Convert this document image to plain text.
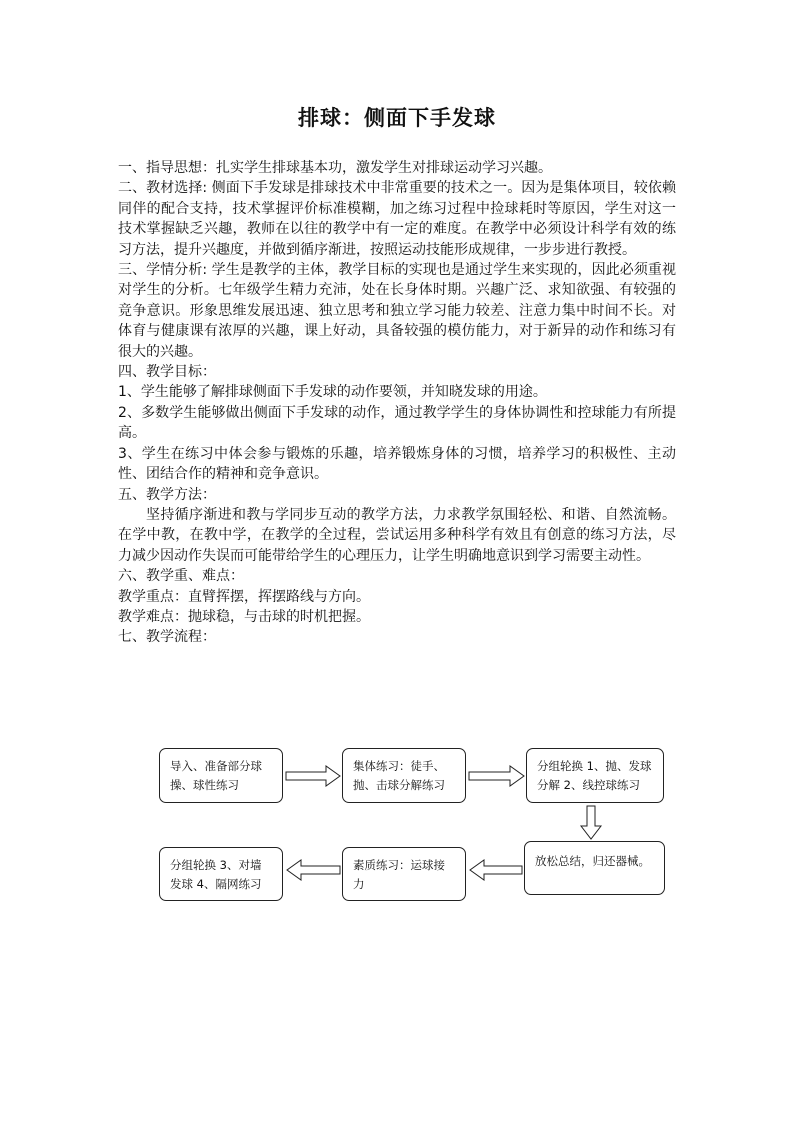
排球：侧面下手发球

一、指导思想：扎实学生排球基本功，激发学生对排球运动学习兴趣。

二、教材选择: 侧面下手发球是排球技术中非常重要的技术之一。因为是集体项目，较依赖同伴的配合支持，技术掌握评价标准模糊，加之练习过程中捡球耗时等原因，学生对这一技术掌握缺乏兴趣，教师在以往的教学中有一定的难度。在教学中必须设计科学有效的练习方法，提升兴趣度，并做到循序渐进，按照运动技能形成规律，一步步进行教授。

三、学情分析: 学生是教学的主体，教学目标的实现也是通过学生来实现的，因此必须重视对学生的分析。七年级学生精力充沛，处在长身体时期。兴趣广泛、求知欲强、有较强的竞争意识。形象思维发展迅速、独立思考和独立学习能力较差、注意力集中时间不长。对体育与健康课有浓厚的兴趣，课上好动，具备较强的模仿能力，对于新异的动作和练习有很大的兴趣。

四、教学目标：

1、学生能够了解排球侧面下手发球的动作要领，并知晓发球的用途。

2、多数学生能够做出侧面下手发球的动作，通过教学学生的身体协调性和控球能力有所提高。

3、学生在练习中体会参与锻炼的乐趣，培养锻炼身体的习惯，培养学习的积极性、主动性、团结合作的精神和竞争意识。

五、教学方法：

坚持循序渐进和教与学同步互动的教学方法，力求教学氛围轻松、和谐、自然流畅。在学中教，在教中学，在教学的全过程，尝试运用多种科学有效且有创意的练习方法，尽力减少因动作失误而可能带给学生的心理压力，让学生明确地意识到学习需要主动性。

六、教学重、难点：

教学重点：直臂挥摆，挥摆路线与方向。

教学难点：抛球稳，与击球的时机把握。

七、教学流程：

导入、准备部分球操、球性练习
集体练习：徒手、抛、击球分解练习
分组轮换 1、抛、发球分解 2、线控球练习
放松总结，归还器械。
素质练习：运球接力
分组轮换 3、对墙发球 4、隔网练习
